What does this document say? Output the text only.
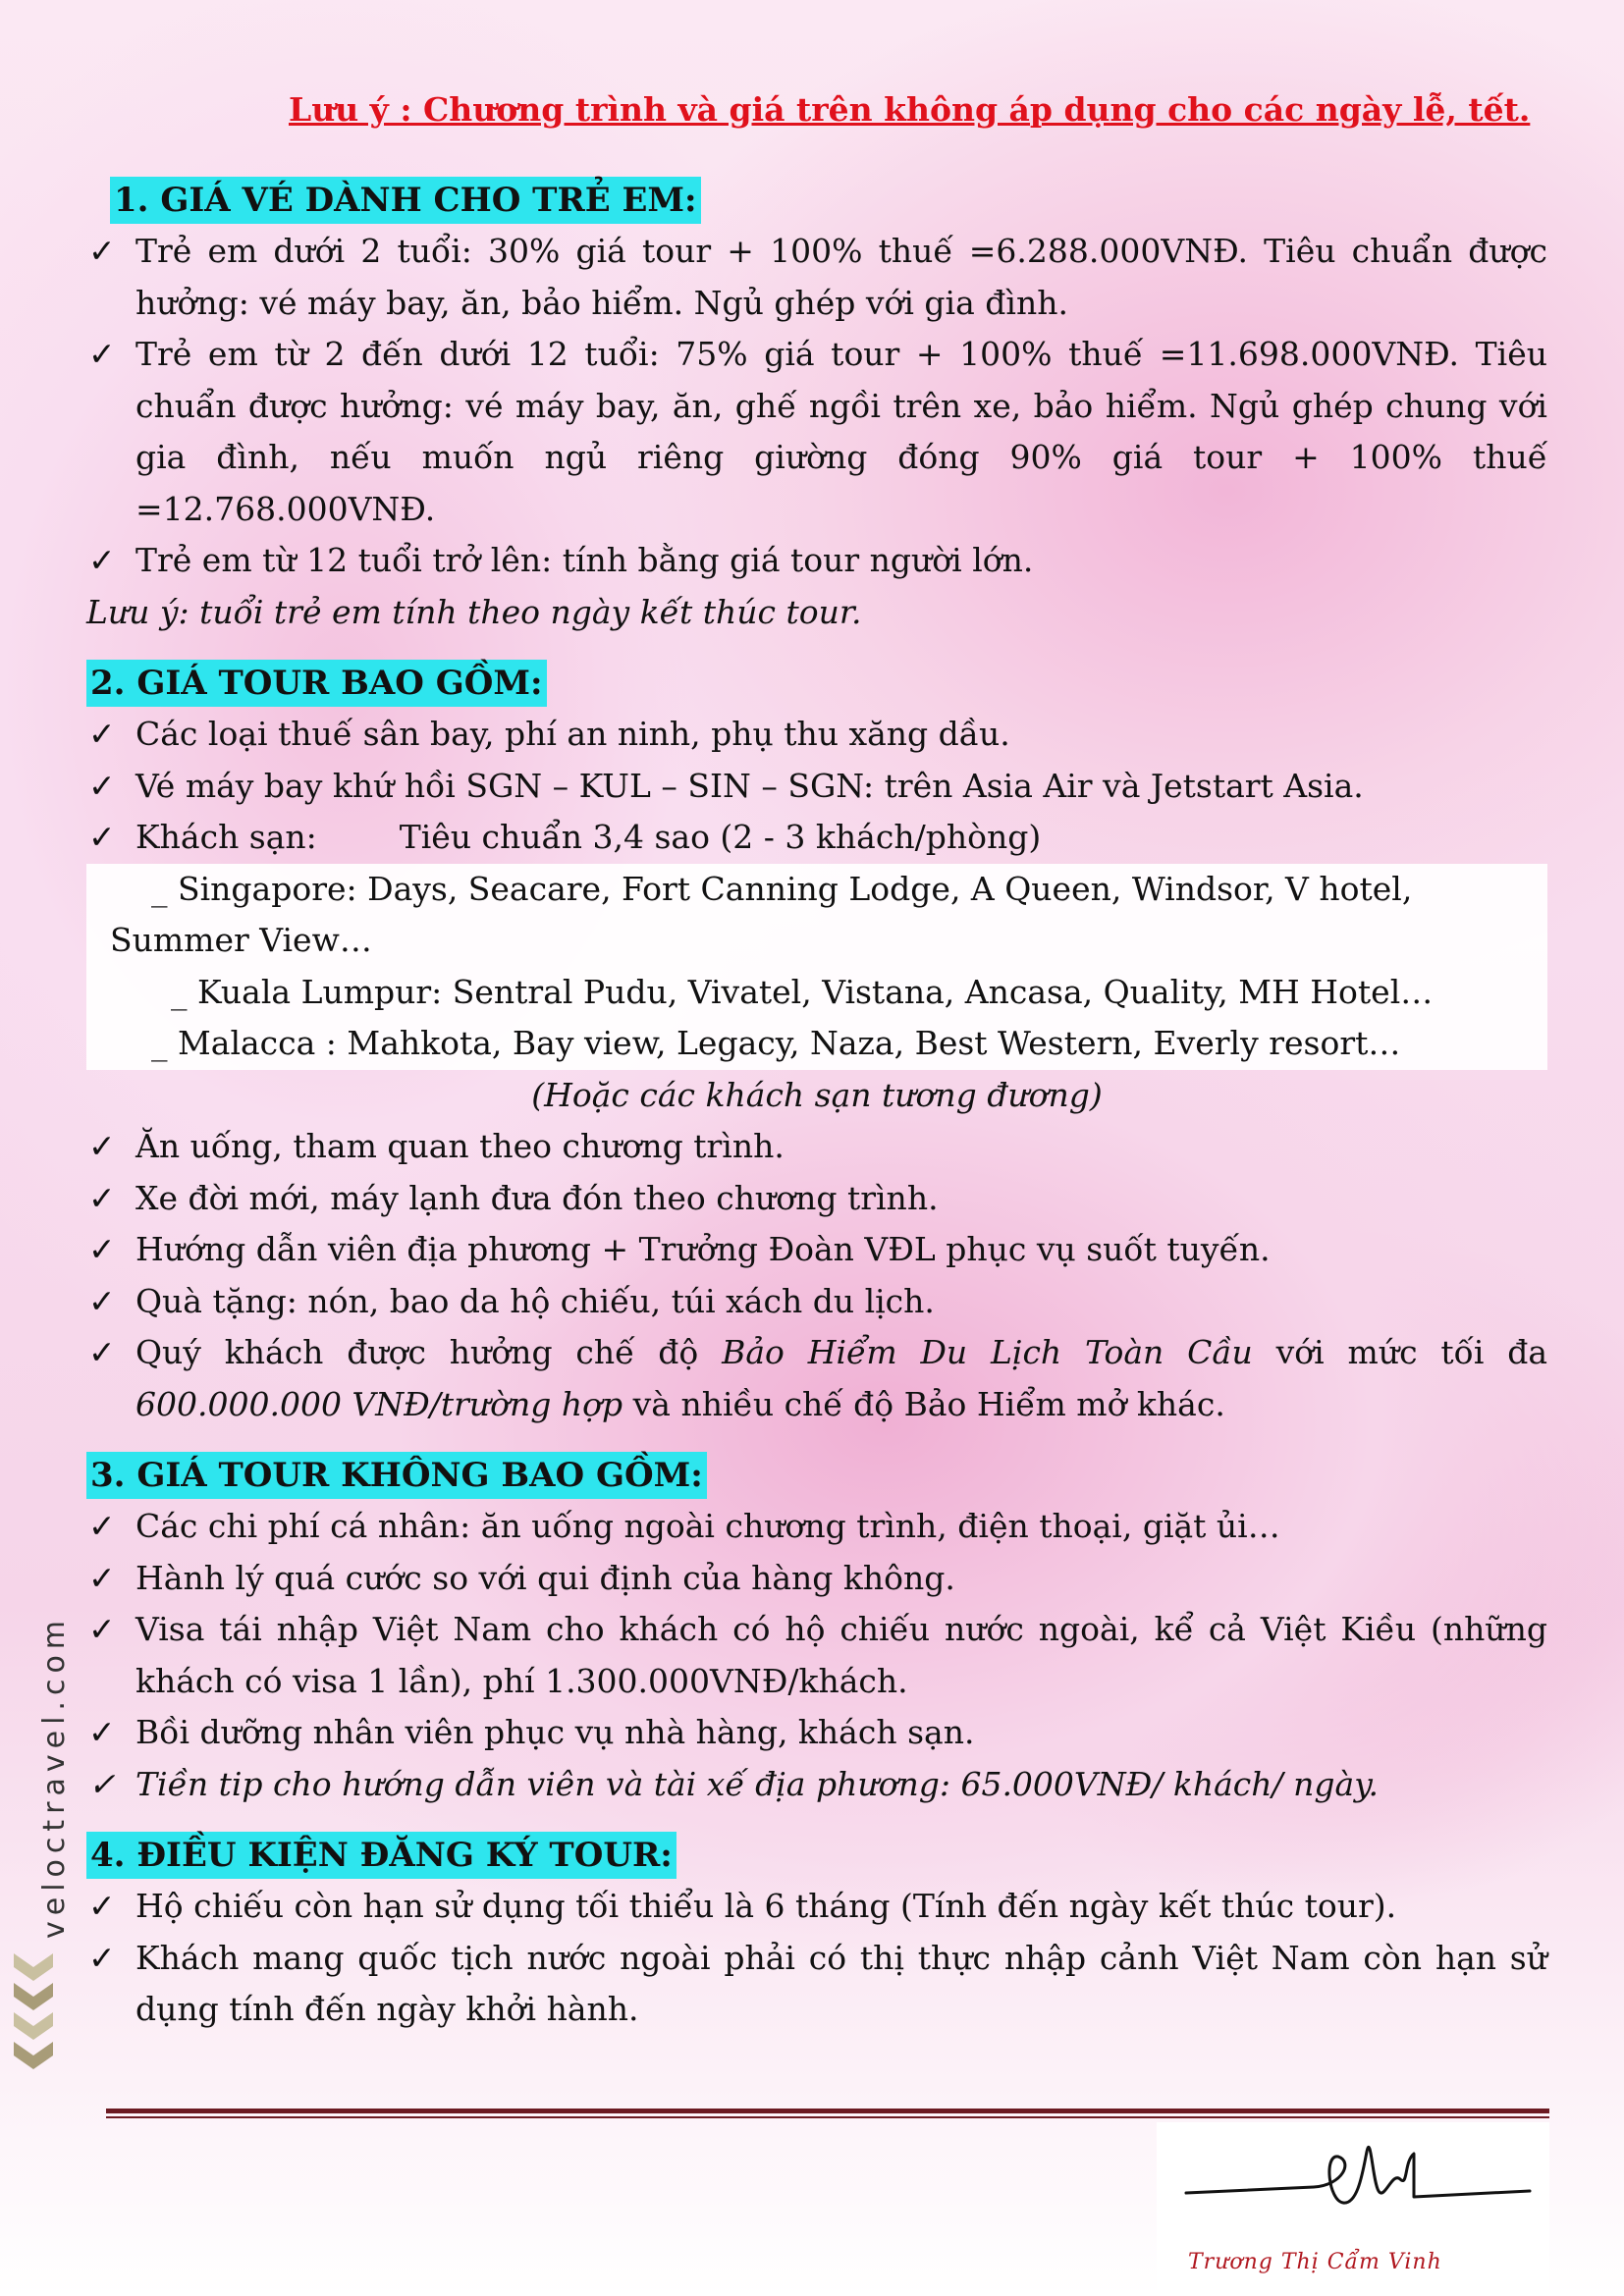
Lưu ý : Chương trình và giá trên không áp dụng cho các ngày lễ, tết.
1. GIÁ VÉ DÀNH CHO TRẺ EM:
✓ Trẻ em dưới 2 tuổi: 30% giá tour + 100% thuế =6.288.000VNĐ. Tiêu chuẩn được hưởng: vé máy bay, ăn, bảo hiểm. Ngủ ghép với gia đình.
✓ Trẻ em từ 2 đến dưới 12 tuổi: 75% giá tour + 100% thuế =11.698.000VNĐ. Tiêu chuẩn được hưởng: vé máy bay, ăn, ghế ngồi trên xe, bảo hiểm. Ngủ ghép chung với gia đình, nếu muốn ngủ riêng giường đóng 90% giá tour + 100% thuế =12.768.000VNĐ.
✓ Trẻ em từ 12 tuổi trở lên: tính bằng giá tour người lớn.
Lưu ý: tuổi trẻ em tính theo ngày kết thúc tour.
2. GIÁ TOUR BAO GỒM:
✓ Các loại thuế sân bay, phí an ninh, phụ thu xăng dầu.
✓ Vé máy bay khứ hồi SGN – KUL – SIN – SGN: trên Asia Air và Jetstart Asia.
✓ Khách sạn:        Tiêu chuẩn 3,4 sao (2 - 3 khách/phòng)
_ Singapore: Days, Seacare, Fort Canning Lodge, A Queen, Windsor, V hotel,
Summer View…
_ Kuala Lumpur: Sentral Pudu, Vivatel, Vistana, Ancasa, Quality, MH Hotel…
_ Malacca : Mahkota, Bay view, Legacy, Naza, Best Western, Everly resort…
(Hoặc các khách sạn tương đương)
✓ Ăn uống, tham quan theo chương trình.
✓ Xe đời mới, máy lạnh đưa đón theo chương trình.
✓ Hướng dẫn viên địa phương + Trưởng Đoàn VĐL phục vụ suốt tuyến.
✓ Quà tặng: nón, bao da hộ chiếu, túi xách du lịch.
✓ Quý khách được hưởng chế độ Bảo Hiểm Du Lịch Toàn Cầu với mức tối đa 600.000.000 VNĐ/trường hợp và nhiều chế độ Bảo Hiểm mở khác.
3. GIÁ TOUR KHÔNG BAO GỒM:
✓ Các chi phí cá nhân: ăn uống ngoài chương trình, điện thoại, giặt ủi…
✓ Hành lý quá cước so với qui định của hàng không.
✓ Visa tái nhập Việt Nam cho khách có hộ chiếu nước ngoài, kể cả Việt Kiều (những khách có visa 1 lần), phí 1.300.000VNĐ/khách.
✓ Bồi dưỡng nhân viên phục vụ nhà hàng, khách sạn.
✓ Tiền tip cho hướng dẫn viên và tài xế địa phương: 65.000VNĐ/ khách/ ngày.
4. ĐIỀU KIỆN ĐĂNG KÝ TOUR:
✓ Hộ chiếu còn hạn sử dụng tối thiểu là 6 tháng (Tính đến ngày kết thúc tour).
✓ Khách mang quốc tịch nước ngoài phải có thị thực nhập cảnh Việt Nam còn hạn sử dụng tính đến ngày khởi hành.
veloctravel.com
Trương Thị Cẩm Vinh
